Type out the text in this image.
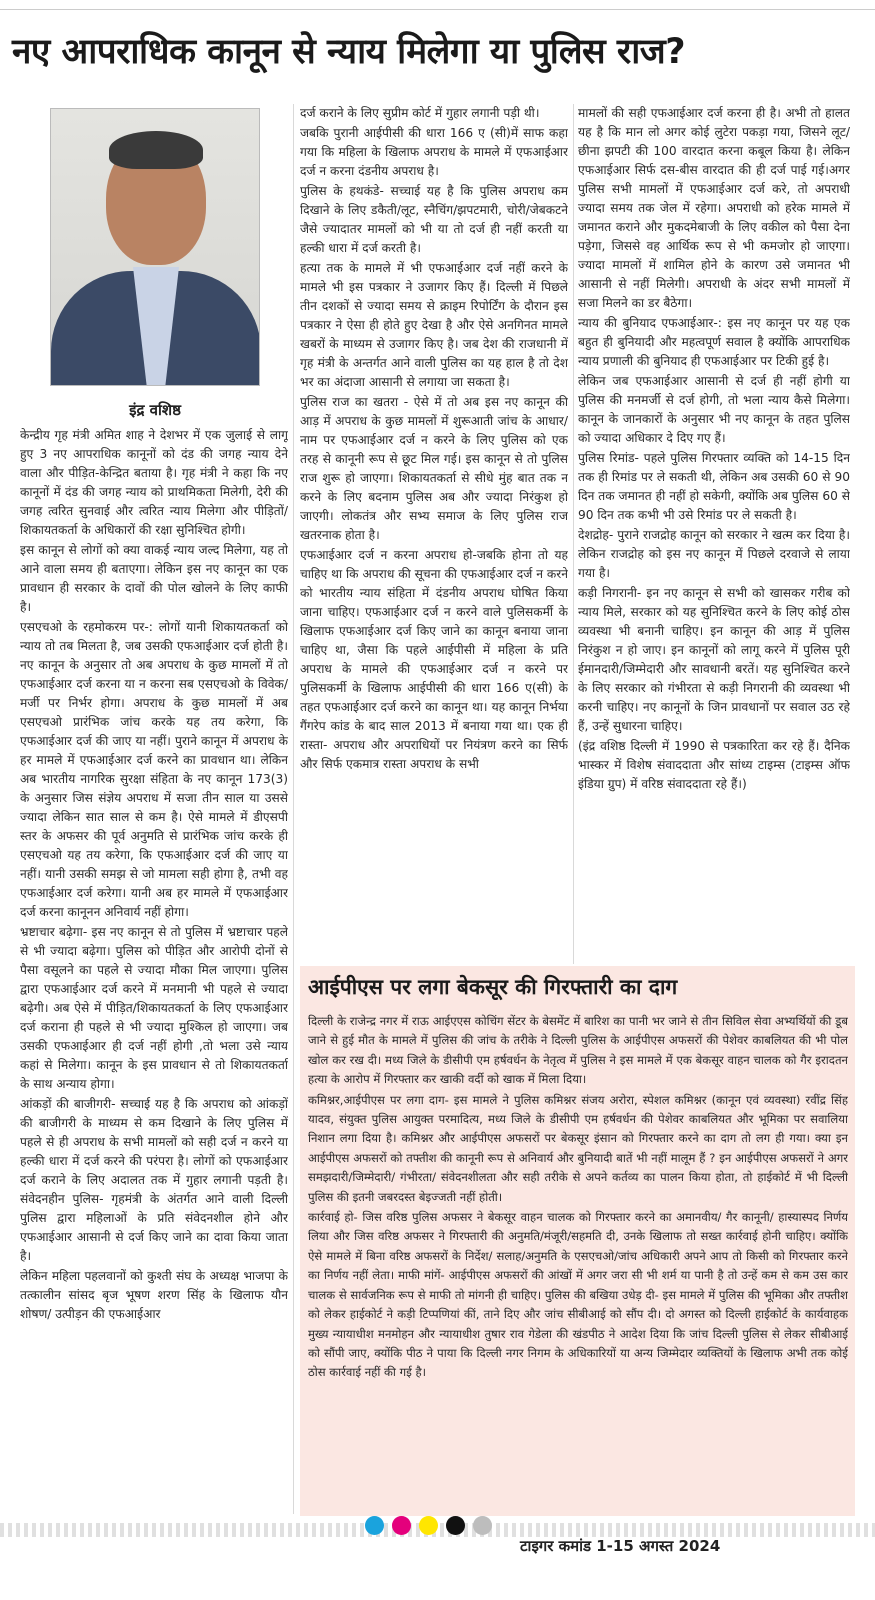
नए आपराधिक कानून से न्याय मिलेगा या पुलिस राज?
इंद्र वशिष्ठ

केन्द्रीय गृह मंत्री अमित शाह ने देशभर में एक जुलाई से लागू हुए 3 नए आपराधिक कानूनों को दंड की जगह न्याय देने वाला और पीड़ित-केन्द्रित बताया है। गृह मंत्री ने कहा कि नए कानूनों में दंड की जगह न्याय को प्राथमिकता मिलेगी, देरी की जगह त्वरित सुनवाई और त्वरित न्याय मिलेगा और पीड़ितों/शिकायतकर्ता के अधिकारों की रक्षा सुनिश्चित होगी।

इस कानून से लोगों को क्या वाकई न्याय जल्द मिलेगा, यह तो आने वाला समय ही बताएगा। लेकिन इस नए कानून का एक प्रावधान ही सरकार के दावों की पोल खोलने के लिए काफी है।

एसएचओ के रहमोकरम पर-: लोगों यानी शिकायतकर्ता को न्याय तो तब मिलता है, जब उसकी एफआईआर दर्ज होती है। नए कानून के अनुसार तो अब अपराध के कुछ मामलों में तो एफआईआर दर्ज करना या न करना सब एसएचओ के विवेक/मर्जी पर निर्भर होगा। अपराध के कुछ मामलों में अब एसएचओ प्रारंभिक जांच करके यह तय करेगा, कि एफआईआर दर्ज की जाए या नहीं। पुराने कानून में अपराध के हर मामले में एफआईआर दर्ज करने का प्रावधान था। लेकिन अब भारतीय नागरिक सुरक्षा संहिता के नए कानून 173(3) के अनुसार जिस संज्ञेय अपराध में सजा तीन साल या उससे ज्यादा लेकिन सात साल से कम है। ऐसे मामले में डीएसपी स्तर के अफसर की पूर्व अनुमति से प्रारंभिक जांच करके ही एसएचओ यह तय करेगा, कि एफआईआर दर्ज की जाए या नहीं। यानी उसकी समझ से जो मामला सही होगा है, तभी वह एफआईआर दर्ज करेगा। यानी अब हर मामले में एफआईआर दर्ज करना कानूनन अनिवार्य नहीं होगा।

भ्रष्टाचार बढ़ेगा- इस नए कानून से तो पुलिस में भ्रष्टाचार पहले से भी ज्यादा बढ़ेगा। पुलिस को पीड़ित और आरोपी दोनों से पैसा वसूलने का पहले से ज्यादा मौका मिल जाएगा। पुलिस द्वारा एफआईआर दर्ज करने में मनमानी भी पहले से ज्यादा बढ़ेगी। अब ऐसे में पीड़ित/शिकायतकर्ता के लिए एफआईआर दर्ज कराना ही पहले से भी ज्यादा मुश्किल हो जाएगा। जब उसकी एफआईआर ही दर्ज नहीं होगी ,तो भला उसे न्याय कहां से मिलेगा। कानून के इस प्रावधान से तो शिकायतकर्ता के साथ अन्याय होगा।

आंकड़ों की बाजीगरी- सच्चाई यह है कि अपराध को आंकड़ों की बाजीगरी के माध्यम से कम दिखाने के लिए पुलिस में पहले से ही अपराध के सभी मामलों को सही दर्ज न करने या हल्की धारा में दर्ज करने की परंपरा है। लोगों को एफआईआर दर्ज कराने के लिए अदालत तक में गुहार लगानी पड़ती है। संवेदनहीन पुलिस- गृहमंत्री के अंतर्गत आने वाली दिल्ली पुलिस द्वारा महिलाओं के प्रति संवेदनशील होने और एफआईआर आसानी से दर्ज किए जाने का दावा किया जाता है।

लेकिन महिला पहलवानों को कुश्ती संघ के अध्यक्ष भाजपा के तत्कालीन सांसद बृज भूषण शरण सिंह के खिलाफ यौन शोषण/ उत्पीड़न की एफआईआर

दर्ज कराने के लिए सुप्रीम कोर्ट में गुहार लगानी पड़ी थी।

जबकि पुरानी आईपीसी की धारा 166 ए (सी)में साफ कहा गया कि महिला के खिलाफ अपराध के मामले में एफआईआर दर्ज न करना दंडनीय अपराध है।

पुलिस के हथकंडे- सच्चाई यह है कि पुलिस अपराध कम दिखाने के लिए डकैती/लूट, स्नैचिंग/झपटमारी, चोरी/जेबकटने जैसे ज्यादातर मामलों को भी या तो दर्ज ही नहीं करती या हल्की धारा में दर्ज करती है।

हत्या तक के मामले में भी एफआईआर दर्ज नहीं करने के मामले भी इस पत्रकार ने उजागर किए हैं। दिल्ली में पिछले तीन दशकों से ज्यादा समय से क्राइम रिपोर्टिंग के दौरान इस पत्रकार ने ऐसा ही होते हुए देखा है और ऐसे अनगिनत मामले खबरों के माध्यम से उजागर किए है। जब देश की राजधानी में गृह मंत्री के अन्तर्गत आने वाली पुलिस का यह हाल है तो देश भर का अंदाजा आसानी से लगाया जा सकता है।

पुलिस राज का खतरा - ऐसे में तो अब इस नए कानून की आड़ में अपराध के कुछ मामलों में शुरूआती जांच के आधार/नाम पर एफआईआर दर्ज न करने के लिए पुलिस को एक तरह से कानूनी रूप से छूट मिल गई। इस कानून से तो पुलिस राज शुरू हो जाएगा। शिकायतकर्ता से सीधे मुंह बात तक न करने के लिए बदनाम पुलिस अब और ज्यादा निरंकुश हो जाएगी। लोकतंत्र और सभ्य समाज के लिए पुलिस राज खतरनाक होता है।

एफआईआर दर्ज न करना अपराध हो-जबकि होना तो यह चाहिए था कि अपराध की सूचना की एफआईआर दर्ज न करने को भारतीय न्याय संहिता में दंडनीय अपराध घोषित किया जाना चाहिए। एफआईआर दर्ज न करने वाले पुलिसकर्मी के खिलाफ एफआईआर दर्ज किए जाने का कानून बनाया जाना चाहिए था, जैसा कि पहले आईपीसी में महिला के प्रति अपराध के मामले की एफआईआर दर्ज न करने पर पुलिसकर्मी के खिलाफ आईपीसी की धारा 166 ए(सी) के तहत एफआईआर दर्ज करने का कानून था। यह कानून निर्भया गैंगरेप कांड के बाद साल 2013 में बनाया गया था। एक ही रास्ता- अपराध और अपराधियों पर नियंत्रण करने का सिर्फ और सिर्फ एकमात्र रास्ता अपराध के सभी

मामलों की सही एफआईआर दर्ज करना ही है। अभी तो हालत यह है कि मान लो अगर कोई लुटेरा पकड़ा गया, जिसने लूट/छीना झपटी की 100 वारदात करना कबूल किया है। लेकिन एफआईआर सिर्फ दस-बीस वारदात की ही दर्ज पाई गई।अगर पुलिस सभी मामलों में एफआईआर दर्ज करे, तो अपराधी ज्यादा समय तक जेल में रहेगा। अपराधी को हरेक मामले में जमानत कराने और मुकदमेबाजी के लिए वकील को पैसा देना पड़ेगा, जिससे वह आर्थिक रूप से भी कमजोर हो जाएगा। ज्यादा मामलों में शामिल होने के कारण उसे जमानत भी आसानी से नहीं मिलेगी। अपराधी के अंदर सभी मामलों में सजा मिलने का डर बैठेगा।

न्याय की बुनियाद एफआईआर-: इस नए कानून पर यह एक बहुत ही बुनियादी और महत्वपूर्ण सवाल है क्योंकि आपराधिक न्याय प्रणाली की बुनियाद ही एफआईआर पर टिकी हुई है।

लेकिन जब एफआईआर आसानी से दर्ज ही नहीं होगी या पुलिस की मनमर्जी से दर्ज होगी, तो भला न्याय कैसे मिलेगा। कानून के जानकारों के अनुसार भी नए कानून के तहत पुलिस को ज्यादा अधिकार दे दिए गए हैं।

पुलिस रिमांड- पहले पुलिस गिरफ्तार व्यक्ति को 14-15 दिन तक ही रिमांड पर ले सकती थी, लेकिन अब उसकी 60 से 90 दिन तक जमानत ही नहीं हो सकेगी, क्योंकि अब पुलिस 60 से 90 दिन तक कभी भी उसे रिमांड पर ले सकती है।

देशद्रोह- पुराने राजद्रोह कानून को सरकार ने खत्म कर दिया है। लेकिन राजद्रोह को इस नए कानून में पिछले दरवाजे से लाया गया है।

कड़ी निगरानी- इन नए कानून से सभी को खासकर गरीब को न्याय मिले, सरकार को यह सुनिश्चित करने के लिए कोई ठोस व्यवस्था भी बनानी चाहिए। इन कानून की आड़ में पुलिस निरंकुश न हो जाए। इन कानूनों को लागू करने में पुलिस पूरी ईमानदारी/जिम्मेदारी और सावधानी बरतें। यह सुनिश्चित करने के लिए सरकार को गंभीरता से कड़ी निगरानी की व्यवस्था भी करनी चाहिए। नए कानूनों के जिन प्रावधानों पर सवाल उठ रहे हैं, उन्हें सुधारना चाहिए।

(इंद्र वशिष्ठ दिल्ली में 1990 से पत्रकारिता कर रहे हैं। दैनिक भास्कर में विशेष संवाददाता और सांध्य टाइम्स (टाइम्स ऑफ इंडिया ग्रुप) में वरिष्ठ संवाददाता रहे हैं।)

आईपीएस पर लगा बेकसूर की गिरफ्तारी का दाग

दिल्ली के राजेन्द्र नगर में राऊ आईएएस कोचिंग सेंटर के बेसमेंट में बारिश का पानी भर जाने से तीन सिविल सेवा अभ्यर्थियों की डूब जाने से हुई मौत के मामले में पुलिस की जांच के तरीके ने दिल्ली पुलिस के आईपीएस अफसरों की पेशेवर काबलियत की भी पोल खोल कर रख दी। मध्य जिले के डीसीपी एम हर्षवर्धन के नेतृत्व में पुलिस ने इस मामले में एक बेकसूर वाहन चालक को गैर इरादतन हत्या के आरोप में गिरफ्तार कर खाकी वर्दी को खाक में मिला दिया।

कमिश्नर,आईपीएस पर लगा दाग- इस मामले ने पुलिस कमिश्नर संजय अरोरा, स्पेशल कमिश्नर (कानून एवं व्यवस्था) रवींद्र सिंह यादव, संयुक्त पुलिस आयुक्त परमादित्य, मध्य जिले के डीसीपी एम हर्षवर्धन की पेशेवर काबलियत और भूमिका पर सवालिया निशान लगा दिया है। कमिश्नर और आईपीएस अफसरों पर बेकसूर इंसान को गिरफ्तार करने का दाग तो लग ही गया। क्या इन आईपीएस अफसरों को तफ्तीश की कानूनी रूप से अनिवार्य और बुनियादी बातें भी नहीं मालूम हैं ? इन आईपीएस अफसरों ने अगर समझदारी/जिम्मेदारी/ गंभीरता/ संवेदनशीलता और सही तरीके से अपने कर्तव्य का पालन किया होता, तो हाईकोर्ट में भी दिल्ली पुलिस की इतनी जबरदस्त बेइज्जती नहीं होती।

कार्रवाई हो- जिस वरिष्ठ पुलिस अफसर ने बेकसूर वाहन चालक को गिरफ्तार करने का अमानवीय/ गैर कानूनी/ हास्यास्पद निर्णय लिया और जिस वरिष्ठ अफसर ने गिरफ्तारी की अनुमति/मंजूरी/सहमति दी, उनके खिलाफ तो सख्त कार्रवाई होनी चाहिए। क्योंकि ऐसे मामले में बिना वरिष्ठ अफसरों के निर्देश/ सलाह/अनुमति के एसएचओ/जांच अधिकारी अपने आप तो किसी को गिरफ्तार करने का निर्णय नहीं लेता। माफी मांगें- आईपीएस अफसरों की आंखों में अगर जरा सी भी शर्म या पानी है तो उन्हें कम से कम उस कार चालक से सार्वजनिक रूप से माफी तो मांगनी ही चाहिए। पुलिस की बखिया उधेड़ दी- इस मामले में पुलिस की भूमिका और तफ्तीश को लेकर हाईकोर्ट ने कड़ी टिप्पणियां कीं, ताने दिए और जांच सीबीआई को सौंप दी। दो अगस्त को दिल्ली हाईकोर्ट के कार्यवाहक मुख्य न्यायाधीश मनमोहन और न्यायाधीश तुषार राव गेडेला की खंडपीठ ने आदेश दिया कि जांच दिल्ली पुलिस से लेकर सीबीआई को सौंपी जाए, क्योंकि पीठ ने पाया कि दिल्ली नगर निगम के अधिकारियों या अन्य जिम्मेदार व्यक्तियों के खिलाफ अभी तक कोई ठोस कार्रवाई नहीं की गई है।

टाइगर कमांड 1-15 अगस्त 2024
